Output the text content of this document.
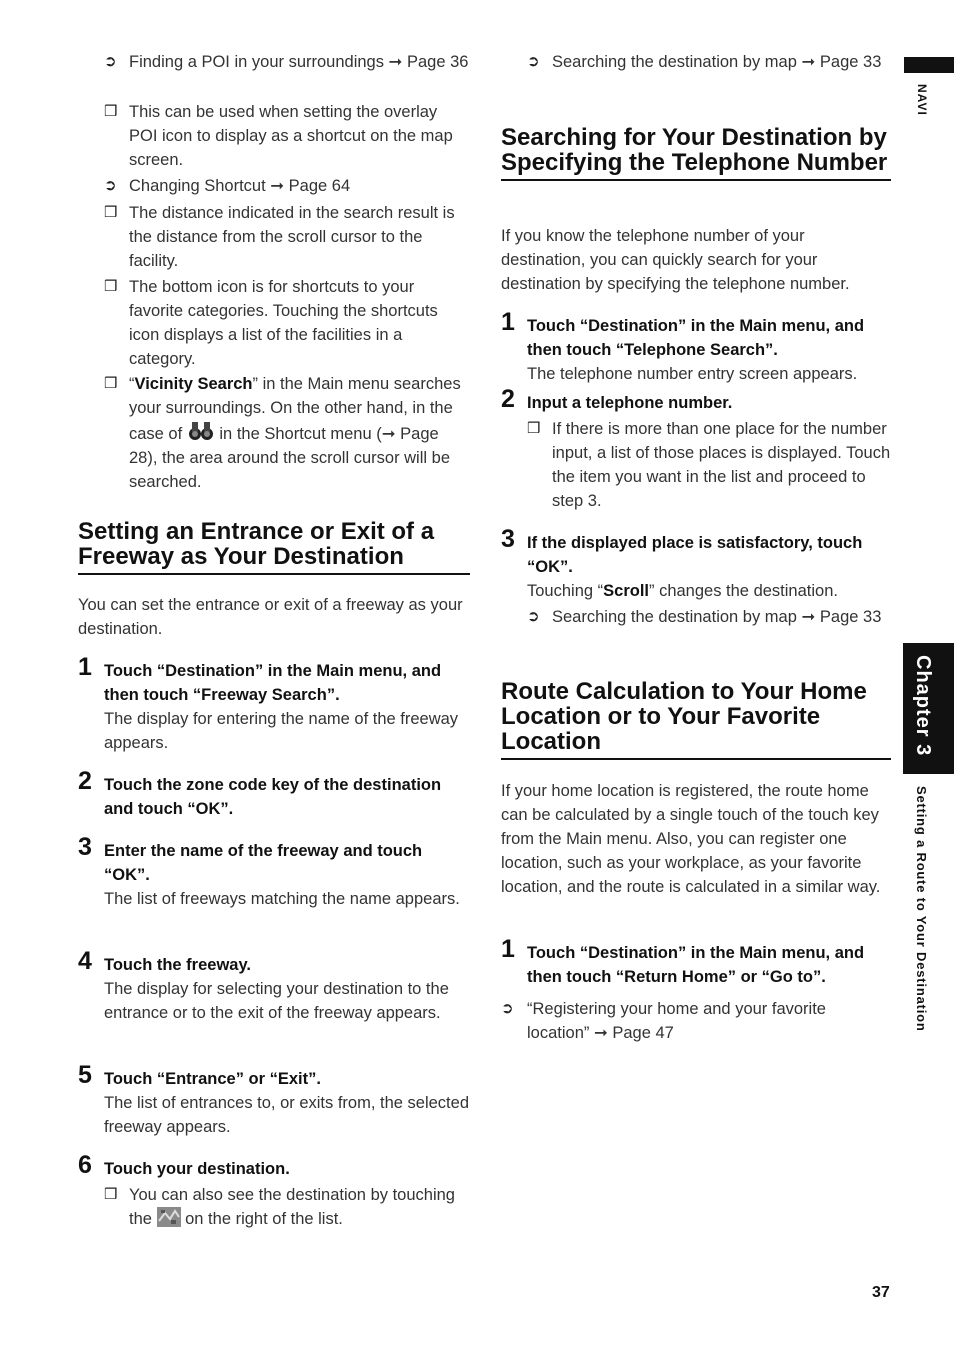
NAVI
Chapter 3
Setting a Route to Your Destination
➲ Finding a POI in your surroundings ➞ Page 36
❒ This can be used when setting the overlay POI icon to display as a shortcut on the map screen.
➲ Changing Shortcut ➞ Page 64
❒ The distance indicated in the search result is the distance from the scroll cursor to the facility.
❒ The bottom icon is for shortcuts to your favorite categories. Touching the shortcuts icon displays a list of the facilities in a category.
❒ “Vicinity Search” in the Main menu searches your surroundings. On the other hand, in the case of in the Shortcut menu (➞ Page 28), the area around the scroll cursor will be searched.
Setting an Entrance or Exit of a Freeway as Your Destination
You can set the entrance or exit of a freeway as your destination.
1 Touch “Destination” in the Main menu, and then touch “Freeway Search”.
The display for entering the name of the freeway appears.
2 Touch the zone code key of the destination and touch “OK”.
3 Enter the name of the freeway and touch “OK”.
The list of freeways matching the name appears.
4 Touch the freeway.
The display for selecting your destination to the entrance or to the exit of the freeway appears.
5 Touch “Entrance” or “Exit”.
The list of entrances to, or exits from, the selected freeway appears.
6 Touch your destination.
❒ You can also see the destination by touching the on the right of the list.
➲ Searching the destination by map ➞ Page 33
Searching for Your Destination by Specifying the Telephone Number
If you know the telephone number of your destination, you can quickly search for your destination by specifying the telephone number.
1 Touch “Destination” in the Main menu, and then touch “Telephone Search”.
The telephone number entry screen appears.
2 Input a telephone number.
❒ If there is more than one place for the number input, a list of those places is displayed. Touch the item you want in the list and proceed to step 3.
3 If the displayed place is satisfactory, touch “OK”.
Touching “Scroll” changes the destination.
➲ Searching the destination by map ➞ Page 33
Route Calculation to Your Home Location or to Your Favorite Location
If your home location is registered, the route home can be calculated by a single touch of the touch key from the Main menu. Also, you can register one location, such as your workplace, as your favorite location, and the route is calculated in a similar way.
1 Touch “Destination” in the Main menu, and then touch “Return Home” or “Go to”.
➲ “Registering your home and your favorite location” ➞ Page 47
37
